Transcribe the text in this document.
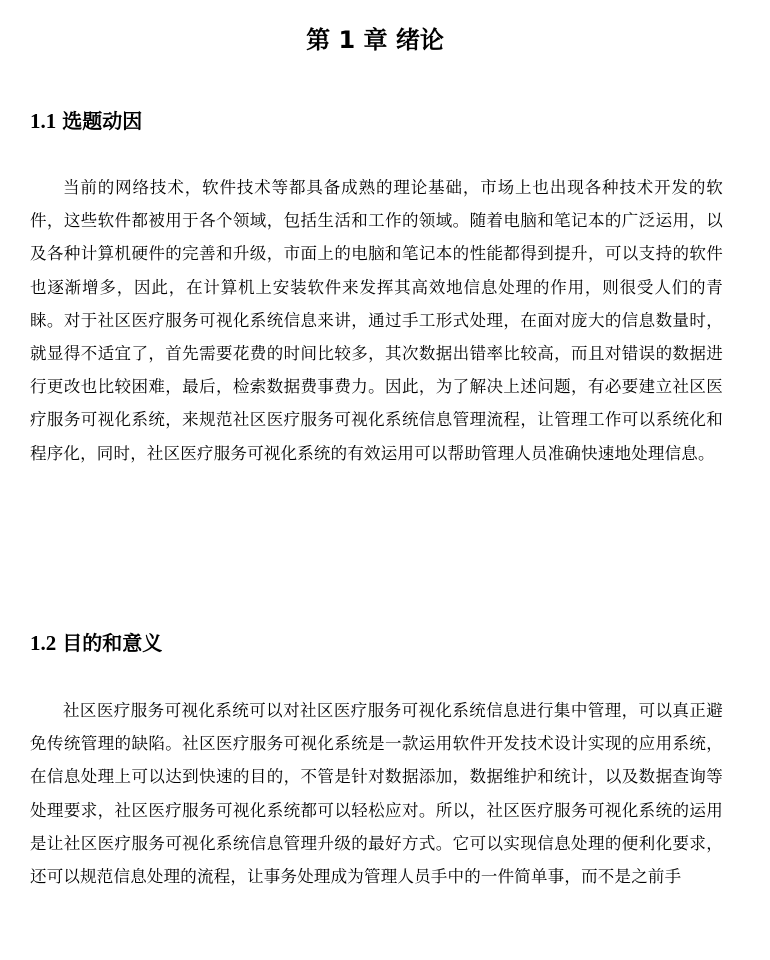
第 1 章 绪论
1.1 选题动因

当前的网络技术，软件技术等都具备成熟的理论基础，市场上也出现各种技术开发的软件，这些软件都被用于各个领域，包括生活和工作的领域。随着电脑和笔记本的广泛运用，以及各种计算机硬件的完善和升级，市面上的电脑和笔记本的性能都得到提升，可以支持的软件也逐渐增多，因此，在计算机上安装软件来发挥其高效地信息处理的作用，则很受人们的青睐。对于社区医疗服务可视化系统信息来讲，通过手工形式处理，在面对庞大的信息数量时，就显得不适宜了，首先需要花费的时间比较多，其次数据出错率比较高，而且对错误的数据进行更改也比较困难，最后，检索数据费事费力。因此，为了解决上述问题，有必要建立社区医疗服务可视化系统，来规范社区医疗服务可视化系统信息管理流程，让管理工作可以系统化和程序化，同时，社区医疗服务可视化系统的有效运用可以帮助管理人员准确快速地处理信息。

1.2 目的和意义

社区医疗服务可视化系统可以对社区医疗服务可视化系统信息进行集中管理，可以真正避免传统管理的缺陷。社区医疗服务可视化系统是一款运用软件开发技术设计实现的应用系统，在信息处理上可以达到快速的目的，不管是针对数据添加，数据维护和统计，以及数据查询等处理要求，社区医疗服务可视化系统都可以轻松应对。所以，社区医疗服务可视化系统的运用是让社区医疗服务可视化系统信息管理升级的最好方式。它可以实现信息处理的便利化要求，还可以规范信息处理的流程，让事务处理成为管理人员手中的一件简单事，而不是之前手
